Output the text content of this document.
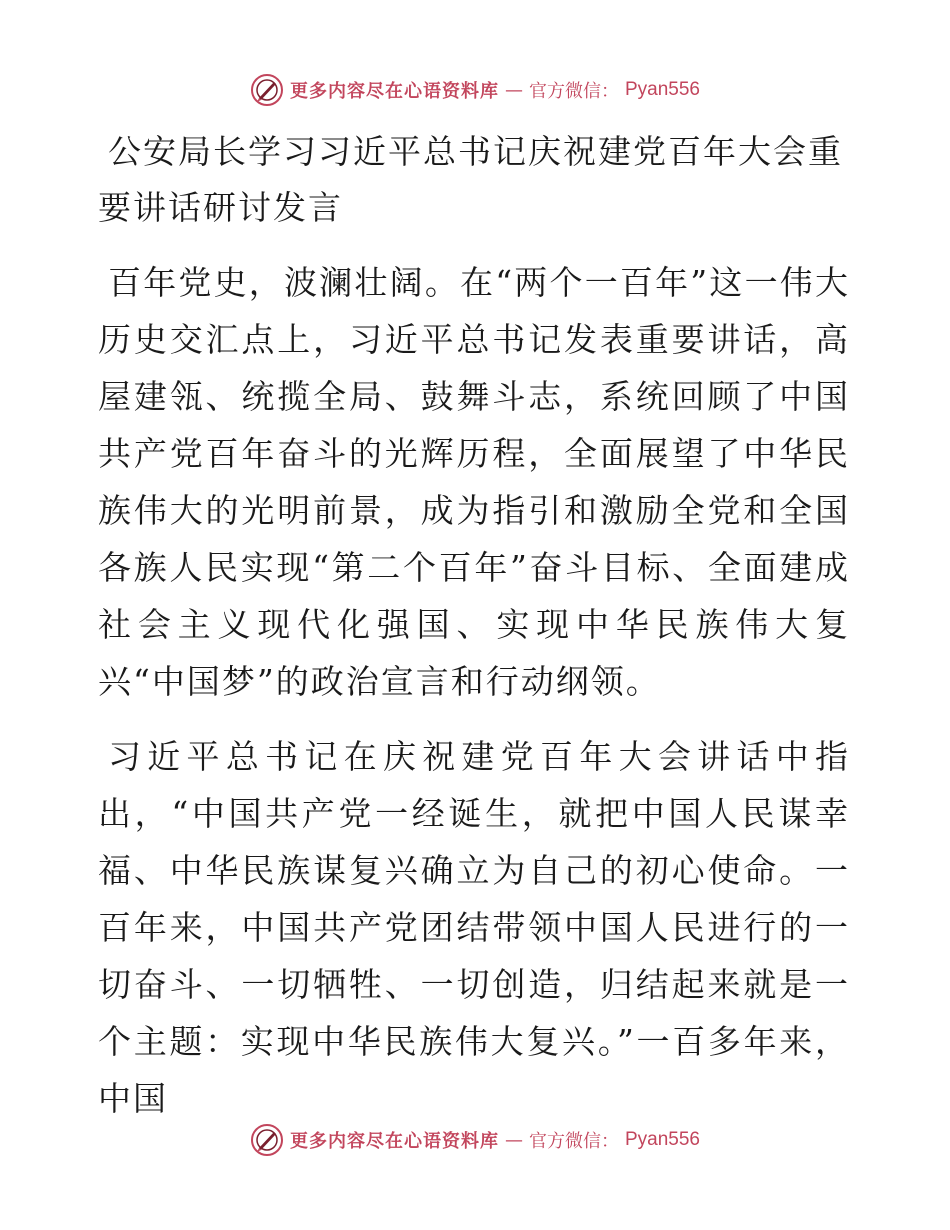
更多内容尽在心语资料库 — 官方微信： Pyan556
公安局长学习习近平总书记庆祝建党百年大会重要讲话研讨发言

百年党史，波澜壮阔。在“两个一百年”这一伟大历史交汇点上，习近平总书记发表重要讲话，高屋建瓴、统揽全局、鼓舞斗志，系统回顾了中国共产党百年奋斗的光辉历程，全面展望了中华民族伟大的光明前景，成为指引和激励全党和全国各族人民实现“第二个百年”奋斗目标、全面建成社会主义现代化强国、实现中华民族伟大复兴“中国梦”的政治宣言和行动纲领。

习近平总书记在庆祝建党百年大会讲话中指出，“中国共产党一经诞生，就把中国人民谋幸福、中华民族谋复兴确立为自己的初心使命。一百年来，中国共产党团结带领中国人民进行的一切奋斗、一切牺牲、一切创造，归结起来就是一个主题：实现中华民族伟大复兴。”一百多年来，中国

更多内容尽在心语资料库 — 官方微信： Pyan556
